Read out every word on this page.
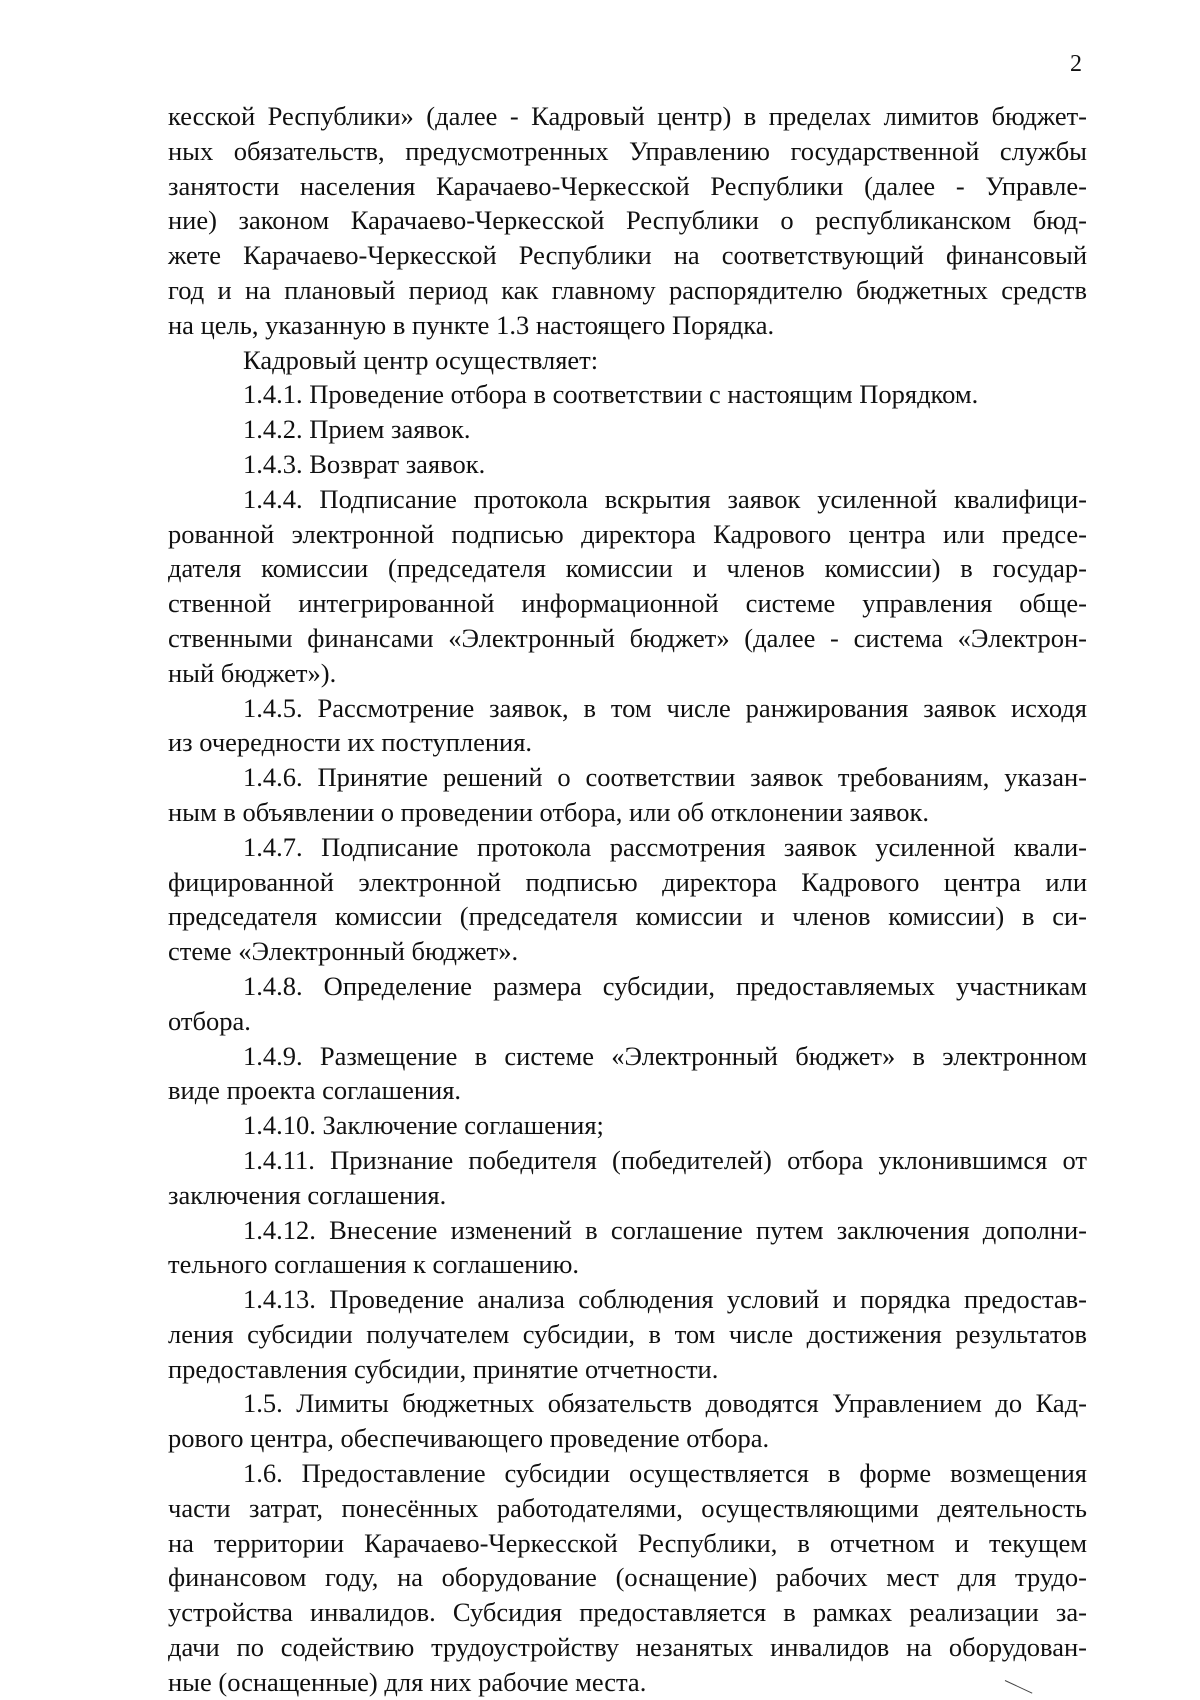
2
кесской Республики» (далее - Кадровый центр) в пределах лимитов бюджет-
ных обязательств, предусмотренных Управлению государственной службы
занятости населения Карачаево-Черкесской Республики (далее - Управле-
ние) законом Карачаево-Черкесской Республики о республиканском бюд-
жете Карачаево-Черкесской Республики на соответствующий финансовый
год и на плановый период как главному распорядителю бюджетных средств
на цель, указанную в пункте 1.3 настоящего Порядка.
Кадровый центр осуществляет:
1.4.1. Проведение отбора в соответствии с настоящим Порядком.
1.4.2. Прием заявок.
1.4.3. Возврат заявок.
1.4.4. Подписание протокола вскрытия заявок усиленной квалифици-
рованной электронной подписью директора Кадрового центра или предсе-
дателя комиссии (председателя комиссии и членов комиссии) в государ-
ственной интегрированной информационной системе управления обще-
ственными финансами «Электронный бюджет» (далее - система «Электрон-
ный бюджет»).
1.4.5. Рассмотрение заявок, в том числе ранжирования заявок исходя
из очередности их поступления.
1.4.6. Принятие решений о соответствии заявок требованиям, указан-
ным в объявлении о проведении отбора, или об отклонении заявок.
1.4.7. Подписание протокола рассмотрения заявок усиленной квали-
фицированной электронной подписью директора Кадрового центра или
председателя комиссии (председателя комиссии и членов комиссии) в си-
стеме «Электронный бюджет».
1.4.8. Определение размера субсидии, предоставляемых участникам
отбора.
1.4.9. Размещение в системе «Электронный бюджет» в электронном
виде проекта соглашения.
1.4.10. Заключение соглашения;
1.4.11. Признание победителя (победителей) отбора уклонившимся от
заключения соглашения.
1.4.12. Внесение изменений в соглашение путем заключения дополни-
тельного соглашения к соглашению.
1.4.13. Проведение анализа соблюдения условий и порядка предостав-
ления субсидии получателем субсидии, в том числе достижения результатов
предоставления субсидии, принятие отчетности.
1.5. Лимиты бюджетных обязательств доводятся Управлением до Кад-
рового центра, обеспечивающего проведение отбора.
1.6. Предоставление субсидии осуществляется в форме возмещения
части затрат, понесённых работодателями, осуществляющими деятельность
на территории Карачаево-Черкесской Республики, в отчетном и текущем
финансовом году, на оборудование (оснащение) рабочих мест для трудо-
устройства инвалидов. Субсидия предоставляется в рамках реализации за-
дачи по содействию трудоустройству незанятых инвалидов на оборудован-
ные (оснащенные) для них рабочие места.
